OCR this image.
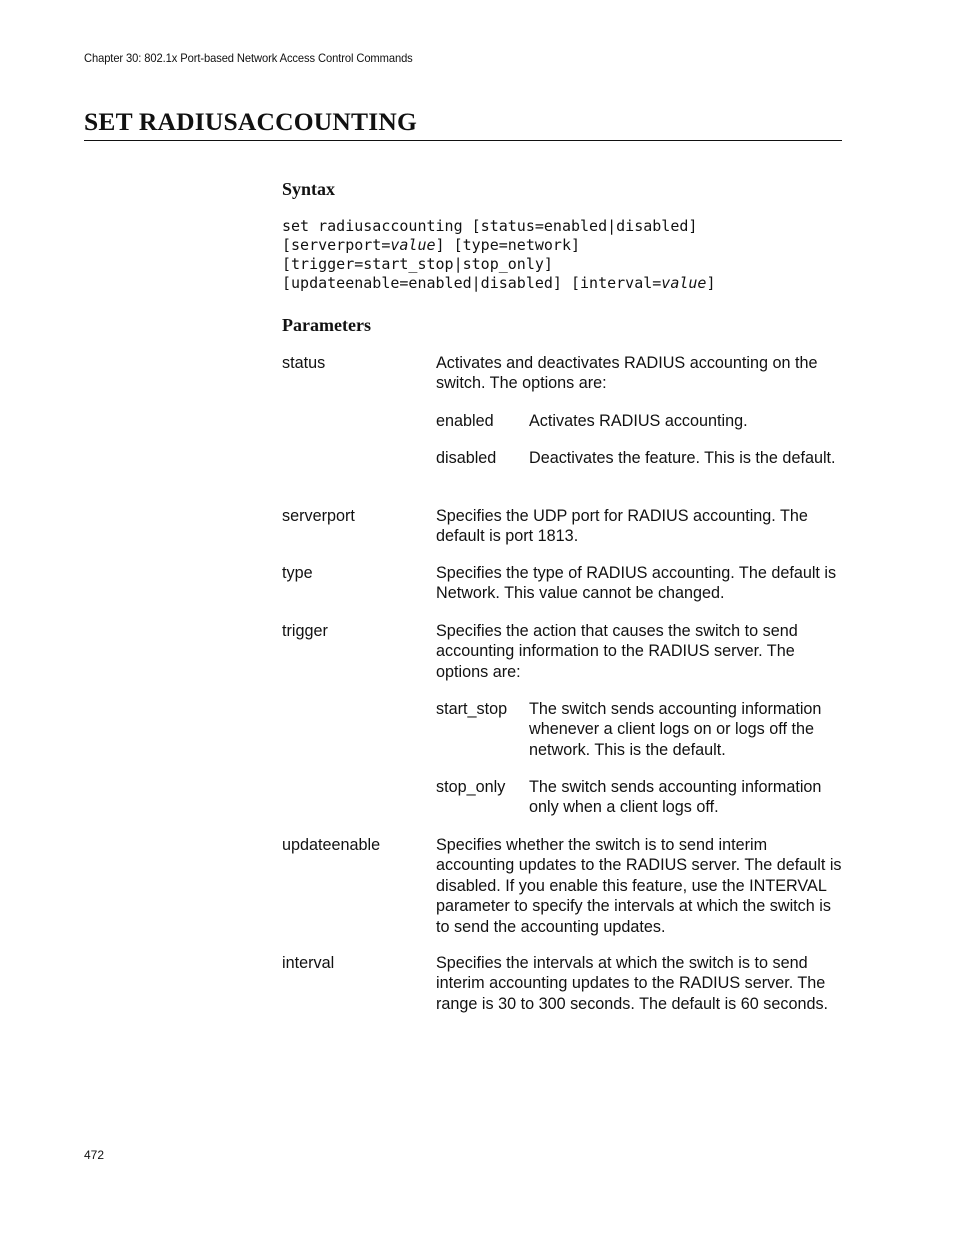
Chapter 30: 802.1x Port-based Network Access Control Commands
SET RADIUSACCOUNTING
Syntax
set radiusaccounting [status=enabled|disabled]
[serverport=value] [type=network]
[trigger=start_stop|stop_only]
[updateenable=enabled|disabled] [interval=value]
Parameters
status	Activates and deactivates RADIUS accounting on the switch. The options are:
enabled	Activates RADIUS accounting.
disabled	Deactivates the feature. This is the default.
serverport	Specifies the UDP port for RADIUS accounting. The default is port 1813.
type	Specifies the type of RADIUS accounting. The default is Network. This value cannot be changed.
trigger	Specifies the action that causes the switch to send accounting information to the RADIUS server. The options are:
start_stop	The switch sends accounting information whenever a client logs on or logs off the network. This is the default.
stop_only	The switch sends accounting information only when a client logs off.
updateenable	Specifies whether the switch is to send interim accounting updates to the RADIUS server. The default is disabled. If you enable this feature, use the INTERVAL parameter to specify the intervals at which the switch is to send the accounting updates.
interval	Specifies the intervals at which the switch is to send interim accounting updates to the RADIUS server. The range is 30 to 300 seconds. The default is 60 seconds.
472
